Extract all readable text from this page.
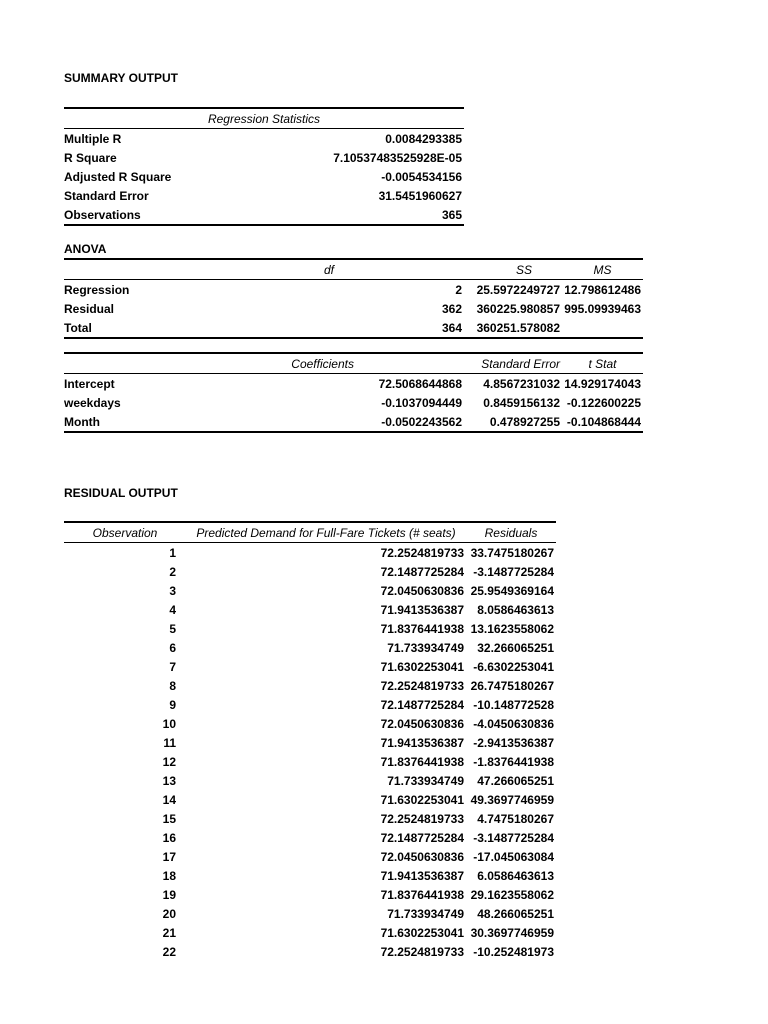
SUMMARY OUTPUT
Regression Statistics	
Multiple R	0.0084293385
R Square	7.10537483525928E-05
Adjusted R Square	-0.0054534156
Standard Error	31.5451960627
Observations	365
ANOVA
	df	SS	MS
Regression	2	25.5972249727	12.798612486
Residual	362	360225.980857	995.09939463
Total	364	360251.578082	
	Coefficients	Standard Error	t Stat
Intercept	72.5068644868	4.8567231032	14.929174043
weekdays	-0.1037094449	0.8459156132	-0.122600225
Month	-0.0502243562	0.478927255	-0.104868444
RESIDUAL OUTPUT
Observation	Predicted Demand for Full-Fare Tickets (# seats)	Residuals
1	72.2524819733	33.7475180267
2	72.1487725284	-3.1487725284
3	72.0450630836	25.9549369164
4	71.9413536387	8.0586463613
5	71.8376441938	13.1623558062
6	71.733934749	32.266065251
7	71.6302253041	-6.6302253041
8	72.2524819733	26.7475180267
9	72.1487725284	-10.148772528
10	72.0450630836	-4.0450630836
11	71.9413536387	-2.9413536387
12	71.8376441938	-1.8376441938
13	71.733934749	47.266065251
14	71.6302253041	49.3697746959
15	72.2524819733	4.7475180267
16	72.1487725284	-3.1487725284
17	72.0450630836	-17.045063084
18	71.9413536387	6.0586463613
19	71.8376441938	29.1623558062
20	71.733934749	48.266065251
21	71.6302253041	30.3697746959
22	72.2524819733	-10.252481973
